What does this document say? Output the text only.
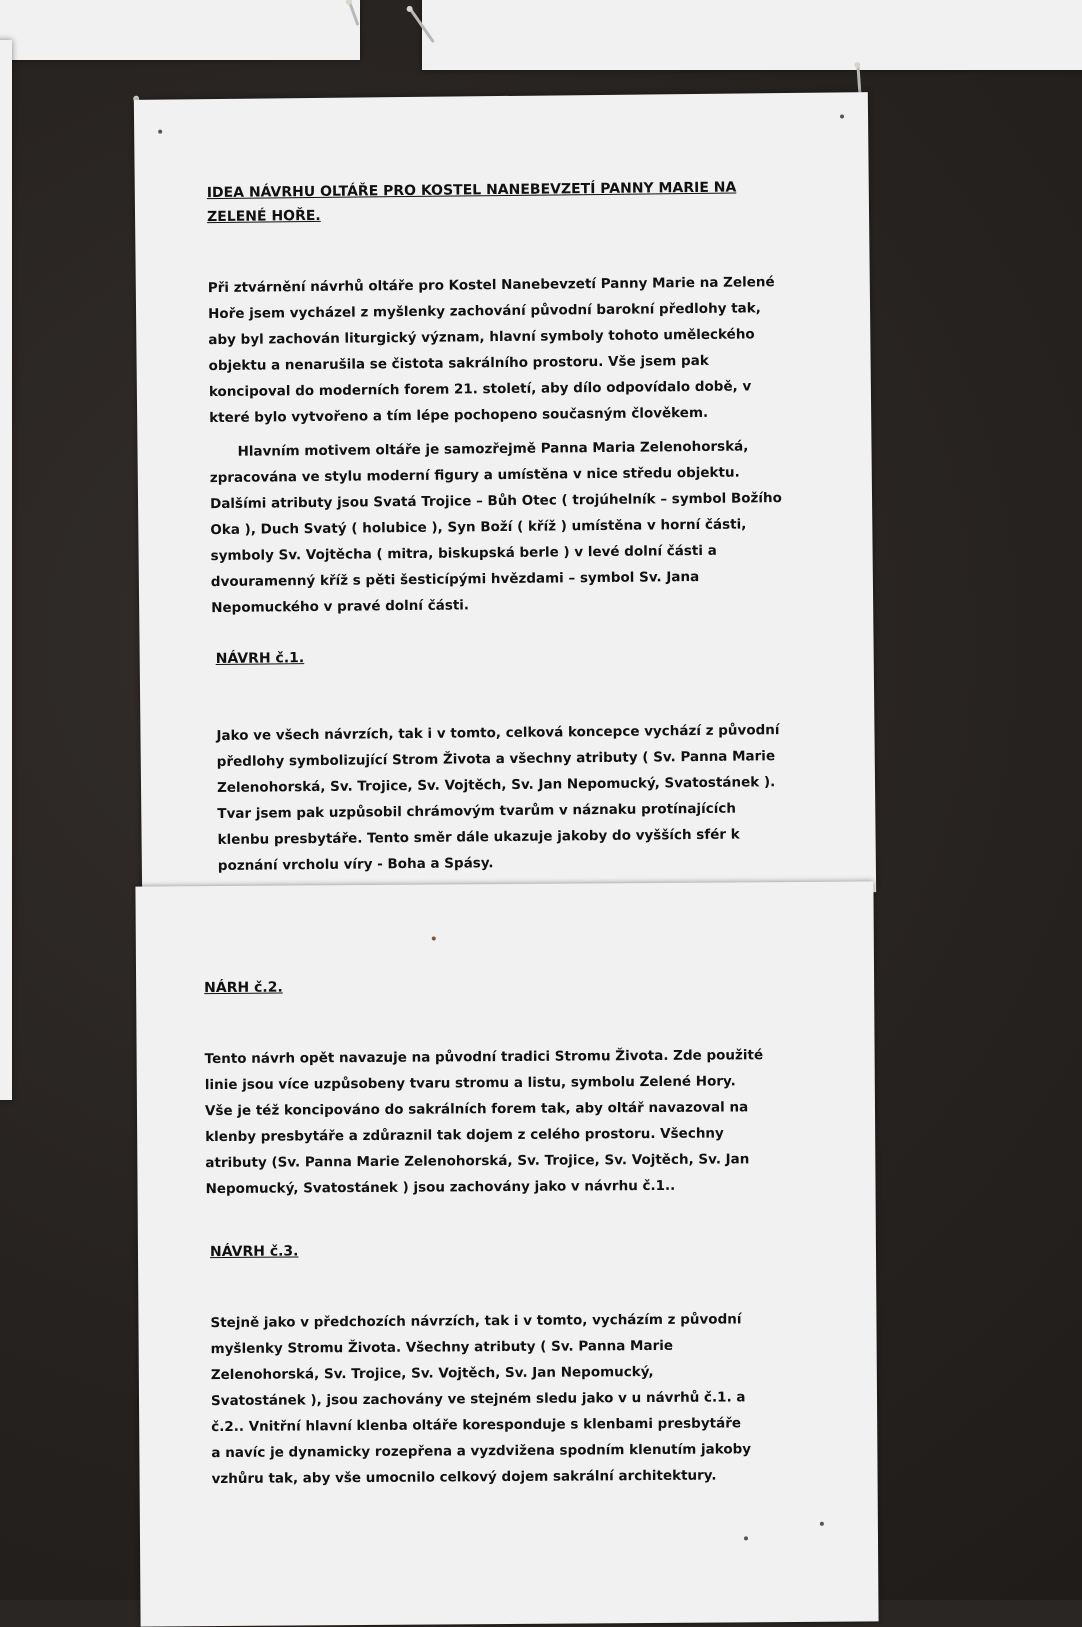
IDEA NÁVRHU OLTÁŘE PRO KOSTEL NANEBEVZETÍ PANNY MARIE NA ZELENÉ HOŘE.

Při ztvárnění návrhů oltáře pro Kostel Nanebevzetí Panny Marie na Zelené Hoře jsem vycházel z myšlenky zachování původní barokní předlohy tak, aby byl zachován liturgický význam, hlavní symboly tohoto uměleckého objektu a nenarušila se čistota sakrálního prostoru. Vše jsem pak koncipoval do moderních forem 21. století, aby dílo odpovídalo době, v které bylo vytvořeno a tím lépe pochopeno současným člověkem.

Hlavním motivem oltáře je samozřejmě Panna Maria Zelenohorská, zpracována ve stylu moderní figury a umístěna v nice středu objektu. Dalšími atributy jsou Svatá Trojice – Bůh Otec ( trojúhelník – symbol Božího Oka ), Duch Svatý ( holubice ), Syn Boží ( kříž ) umístěna v horní části, symboly Sv. Vojtěcha ( mitra, biskupská berle ) v levé dolní části a dvouramenný kříž s pěti šesticípými hvězdami – symbol Sv. Jana Nepomuckého v pravé dolní části.

NÁVRH č.1.

Jako ve všech návrzích, tak i v tomto, celková koncepce vychází z původní předlohy symbolizující Strom Života a všechny atributy ( Sv. Panna Marie Zelenohorská, Sv. Trojice, Sv. Vojtěch, Sv. Jan Nepomucký, Svatostánek ). Tvar jsem pak uzpůsobil chrámovým tvarům v náznaku protínajících klenbu presbytáře. Tento směr dále ukazuje jakoby do vyšších sfér k poznání vrcholu víry - Boha a Spásy.

NÁRH č.2.

Tento návrh opět navazuje na původní tradici Stromu Života. Zde použité linie jsou více uzpůsobeny tvaru stromu a listu, symbolu Zelené Hory. Vše je též koncipováno do sakrálních forem tak, aby oltář navazoval na klenby presbytáře a zdůraznil tak dojem z celého prostoru. Všechny atributy (Sv. Panna Marie Zelenohorská, Sv. Trojice, Sv. Vojtěch, Sv. Jan Nepomucký, Svatostánek ) jsou zachovány jako v návrhu č.1..

NÁVRH č.3.

Stejně jako v předchozích návrzích, tak i v tomto, vycházím z původní myšlenky Stromu Života. Všechny atributy ( Sv. Panna Marie Zelenohorská, Sv. Trojice, Sv. Vojtěch, Sv. Jan Nepomucký, Svatostánek ), jsou zachovány ve stejném sledu jako v u návrhů č.1. a č.2.. Vnitřní hlavní klenba oltáře koresponduje s klenbami presbytáře a navíc je dynamicky rozepřena a vyzdvižena spodním klenutím jakoby vzhůru tak, aby vše umocnilo celkový dojem sakrální architektury.
